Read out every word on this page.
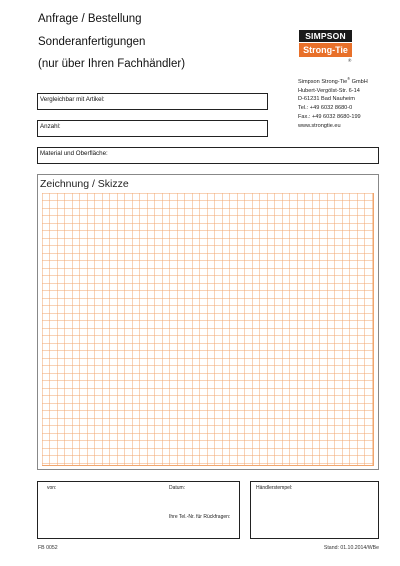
Anfrage / Bestellung
Sonderanfertigungen
(nur über Ihren Fachhändler)
SIMPSON
Strong-Tie
®
Simpson Strong-Tie® GmbH
Hubert-Vergölst-Str. 6-14
D-61231 Bad Nauheim
Tel.: +49 6032 8680-0
Fax.: +49 6032 8680-199
www.strongtie.eu
Vergleichbar mit Artikel:
Anzahl:
Material und Oberfläche:
Zeichnung / Skizze
von:	Datum:
Ihre Tel.-Nr. für Rückfragen:
Händlerstempel:
FB 0052	Stand: 01.10.2014/WBe
